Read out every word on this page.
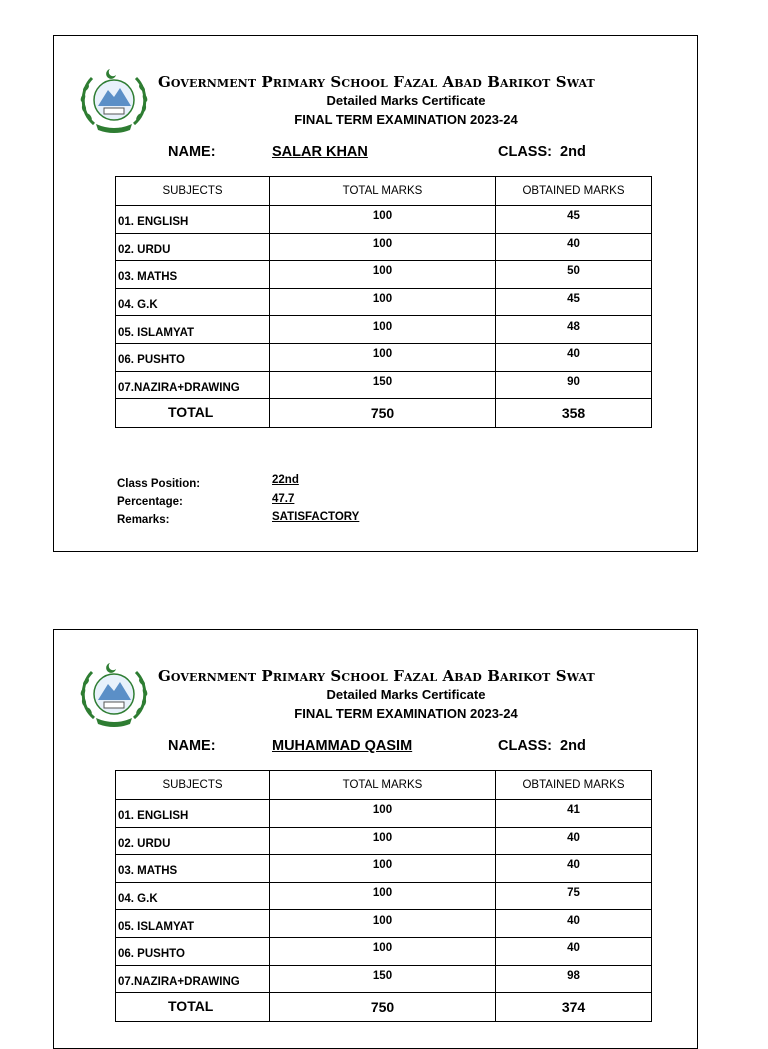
Government Primary School Fazal Abad Barikot Swat
Detailed Marks Certificate
FINAL TERM EXAMINATION 2023-24
NAME:	SALAR KHAN	CLASS:  2nd
SUBJECTS	TOTAL MARKS	OBTAINED MARKS
01. ENGLISH	100	45
02. URDU	100	40
03. MATHS	100	50
04. G.K	100	45
05. ISLAMYAT	100	48
06. PUSHTO	100	40
07.NAZIRA+DRAWING	150	90
TOTAL	750	358
Class Position:	22nd
Percentage:	47.7
Remarks:	SATISFACTORY
Government Primary School Fazal Abad Barikot Swat
Detailed Marks Certificate
FINAL TERM EXAMINATION 2023-24
NAME:	MUHAMMAD QASIM	CLASS:  2nd
SUBJECTS	TOTAL MARKS	OBTAINED MARKS
01. ENGLISH	100	41
02. URDU	100	40
03. MATHS	100	40
04. G.K	100	75
05. ISLAMYAT	100	40
06. PUSHTO	100	40
07.NAZIRA+DRAWING	150	98
TOTAL	750	374
